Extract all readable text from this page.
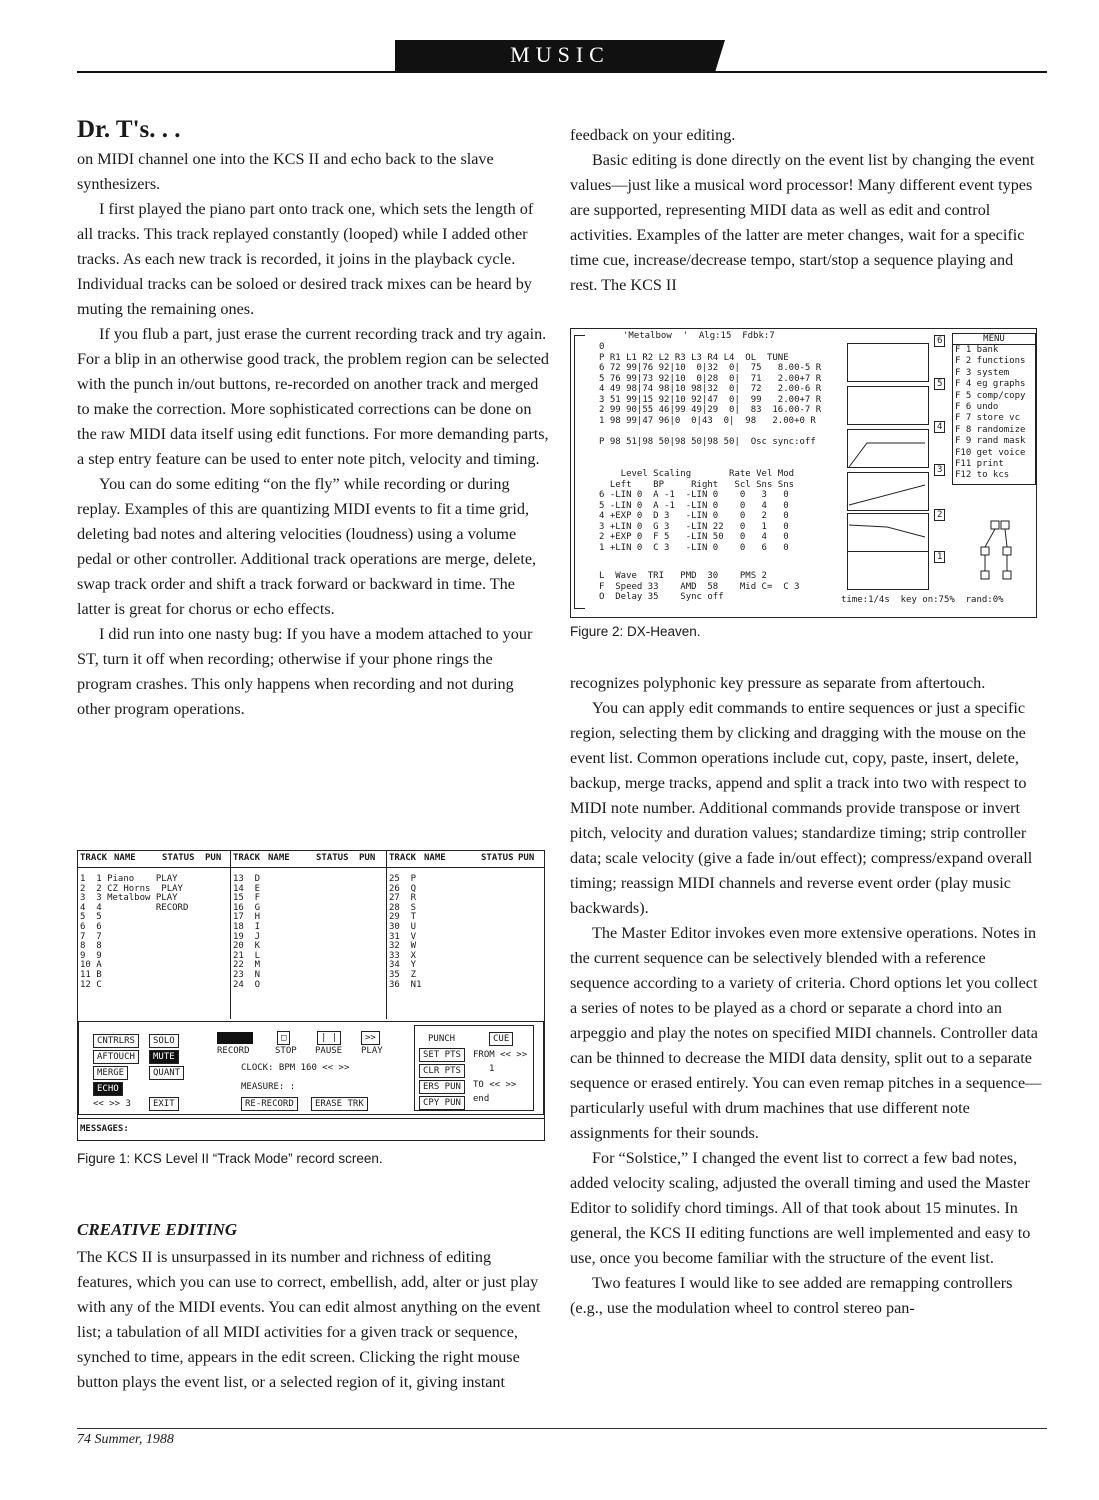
MUSIC
Dr. T's. . .

on MIDI channel one into the KCS II and echo back to the slave synthesizers.

I first played the piano part onto track one, which sets the length of all tracks. This track replayed constantly (looped) while I added other tracks. As each new track is recorded, it joins in the playback cycle. Individual tracks can be soloed or desired track mixes can be heard by muting the remaining ones.

If you flub a part, just erase the current recording track and try again. For a blip in an otherwise good track, the problem region can be selected with the punch in/out buttons, re-recorded on another track and merged to make the correction. More sophisticated corrections can be done on the raw MIDI data itself using edit functions. For more demanding parts, a step entry feature can be used to enter note pitch, velocity and timing.

You can do some editing “on the fly” while recording or during replay. Examples of this are quantizing MIDI events to fit a time grid, deleting bad notes and altering velocities (loudness) using a volume pedal or other controller. Additional track operations are merge, delete, swap track order and shift a track forward or backward in time. The latter is great for chorus or echo effects.

I did run into one nasty bug: If you have a modem attached to your ST, turn it off when recording; otherwise if your phone rings the program crashes. This only happens when recording and not during other program operations.

TRACK NAME	STATUS PUN TRACK NAME	STATUS PUN TRACK NAME	STATUS PUN
1  1 Piano    PLAY
2  2 CZ Horns  PLAY
3  3 Metalbow PLAY
4  4          RECORD
5  5
6  6
7  7
8  8
9  9
10 A
11 B
12 C
13  D
14  E
15  F
16  G
17  H
18  I
19  J
20  K
21  L
22  M
23  N
24  O
25  P
26  Q
27  R
28  S
29  T
30  U
31  V
32  W
33  X
34  Y
35  Z
36  N1
CNTRLRS	SOLO
AFTOUCH	MUTE
MERGE	QUANT
ECHO
<< >> 3	EXIT
□	| |	>>
RECORD	STOP PAUSE PLAY
CLOCK: BPM 160 << >>
MEASURE: :
RE-RECORD	ERASE TRK
PUNCH
SET PTS
CLR PTS
ERS PUN
CPY PUN
CUE
FROM << >>
1
TO << >>
end
MESSAGES:
Figure 1: KCS Level II “Track Mode” record screen.
CREATIVE EDITING

The KCS II is unsurpassed in its number and richness of editing features, which you can use to correct, embellish, add, alter or just play with any of the MIDI events. You can edit almost anything on the event list; a tabulation of all MIDI activities for a given track or sequence, synched to time, appears in the edit screen. Clicking the right mouse button plays the event list, or a selected region of it, giving instant

feedback on your editing.

Basic editing is done directly on the event list by changing the event values—just like a musical word processor! Many different event types are supported, representing MIDI data as well as edit and control activities. Examples of the latter are meter changes, wait for a specific time cue, increase/decrease tempo, start/stop a sequence playing and rest. The KCS II

'Metalbow  '  Alg:15  Fdbk:7
0
P R1 L1 R2 L2 R3 L3 R4 L4  OL  TUNE
6 72 99|76 92|10  0|32  0|  75   8.00-5 R
5 76 99|73 92|10  0|28  0|  71   2.00+7 R
4 49 98|74 98|10 98|32  0|  72   2.00-6 R
3 51 99|15 92|10 92|47  0|  99   2.00+7 R
2 99 90|55 46|99 49|29  0|  83  16.00-7 R
1 98 99|47 96|0  0|43  0|  98   2.00+0 R

P 98 51|98 50|98 50|98 50|  Osc sync:off
Level Scaling       Rate Vel Mod
Left    BP     Right   Scl Sns Sns
6 -LIN 0  A -1  -LIN 0    0   3   0
5 -LIN 0  A -1  -LIN 0    0   4   0
4 +EXP 0  D 3   -LIN 0    0   2   0
3 +LIN 0  G 3   -LIN 22   0   1   0
2 +EXP 0  F 5   -LIN 50   0   4   0
1 +LIN 0  C 3   -LIN 0    0   6   0
L  Wave  TRI   PMD  30    PMS 2
F  Speed 33    AMD  58    Mid C=  C 3
O  Delay 35    Sync off	time:1/4s  key on:75%  rand:0%
6
5
4
3
2
1
MENU
F 1 bank
F 2 functions
F 3 system
F 4 eg graphs
F 5 comp/copy
F 6 undo
F 7 store vc
F 8 randomize
F 9 rand mask
F10 get voice
F11 print
F12 to kcs
Figure 2: DX-Heaven.

recognizes polyphonic key pressure as separate from aftertouch.

You can apply edit commands to entire sequences or just a specific region, selecting them by clicking and dragging with the mouse on the event list. Common operations include cut, copy, paste, insert, delete, backup, merge tracks, append and split a track into two with respect to MIDI note number. Additional commands provide transpose or invert pitch, velocity and duration values; standardize timing; strip controller data; scale velocity (give a fade in/out effect); compress/expand overall timing; reassign MIDI channels and reverse event order (play music backwards).

The Master Editor invokes even more extensive operations. Notes in the current sequence can be selectively blended with a reference sequence according to a variety of criteria. Chord options let you collect a series of notes to be played as a chord or separate a chord into an arpeggio and play the notes on specified MIDI channels. Controller data can be thinned to decrease the MIDI data density, split out to a separate sequence or erased entirely. You can even remap pitches in a sequence—particularly useful with drum machines that use different note assignments for their sounds.

For “Solstice,” I changed the event list to correct a few bad notes, added velocity scaling, adjusted the overall timing and used the Master Editor to solidify chord timings. All of that took about 15 minutes. In general, the KCS II editing functions are well implemented and easy to use, once you become familiar with the structure of the event list.

Two features I would like to see added are remapping controllers (e.g., use the modulation wheel to control stereo pan-

74 Summer, 1988
